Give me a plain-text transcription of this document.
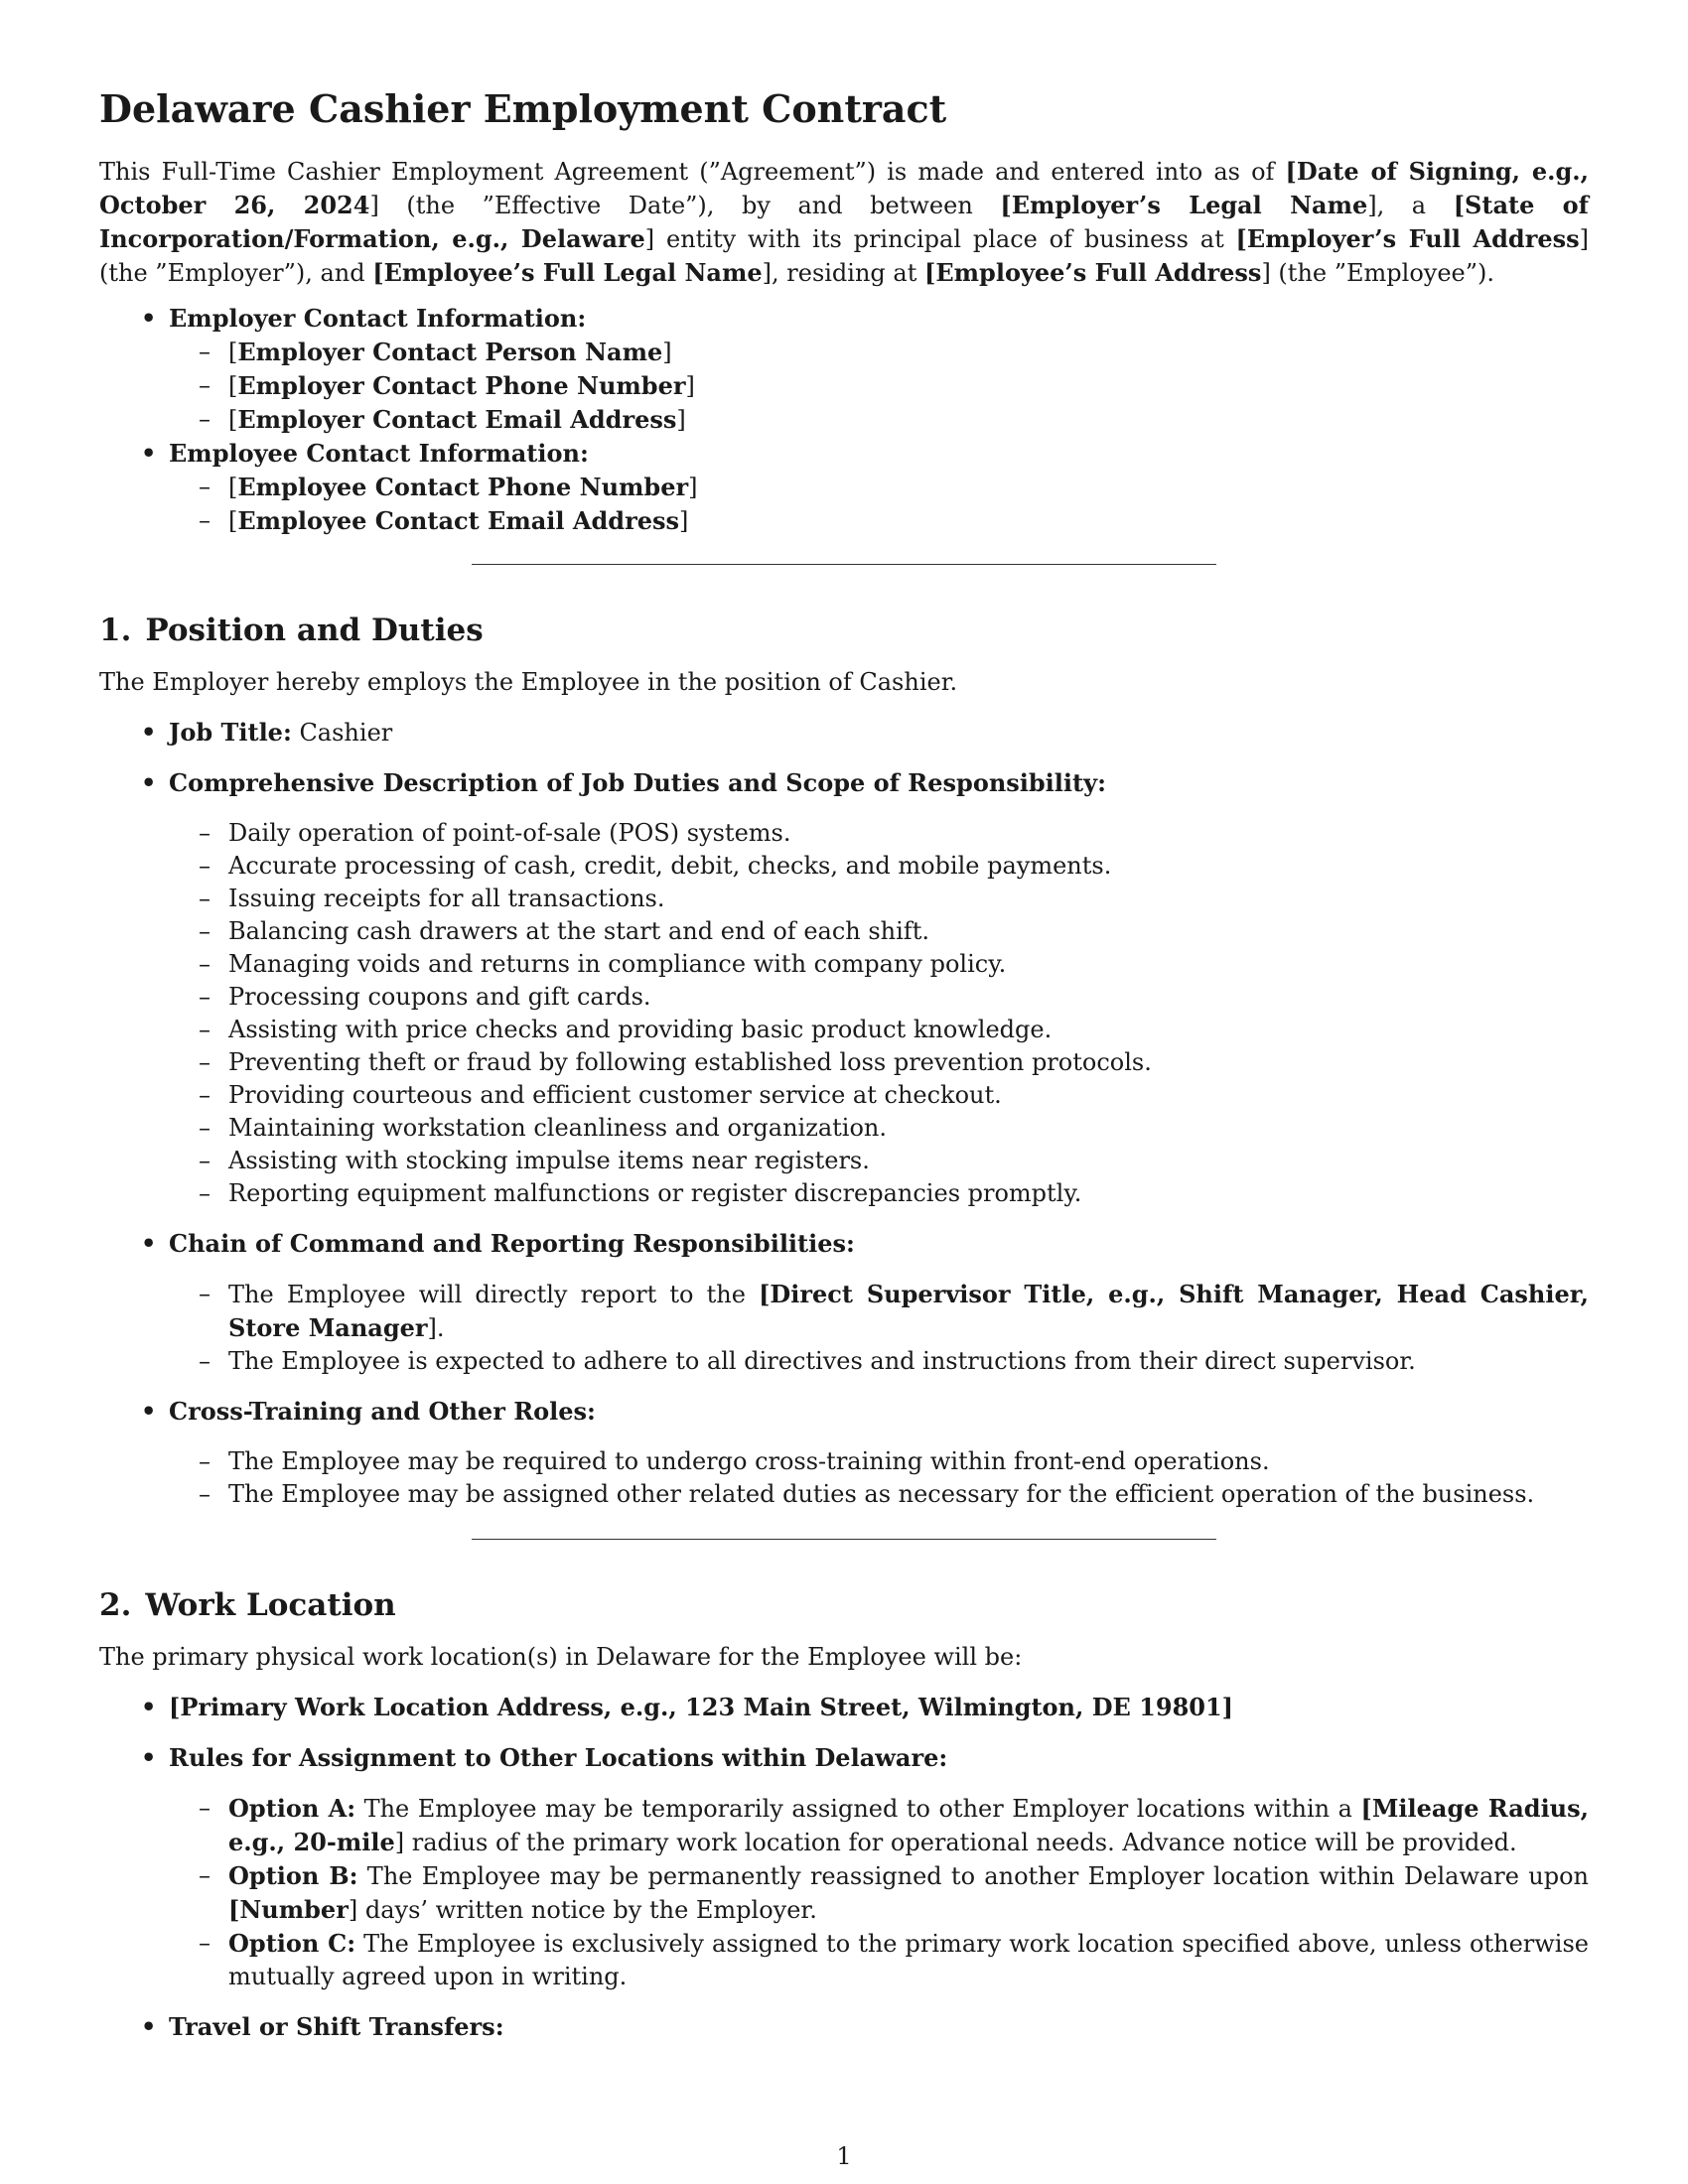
Delaware Cashier Employment Contract

This Full-Time Cashier Employment Agreement (”Agreement”) is made and entered into as of [Date of Signing, e.g., October 26, 2024] (the ”Effective Date”), by and between [Employer’s Legal Name], a [State of Incorporation/Formation, e.g., Delaware] entity with its principal place of business at [Employer’s Full Address] (the ”Employer”), and [Employee’s Full Legal Name], residing at [Employee’s Full Address] (the ”Employee”).

• Employer Contact Information:
– [Employer Contact Person Name]
– [Employer Contact Phone Number]
– [Employer Contact Email Address]
• Employee Contact Information:
– [Employee Contact Phone Number]
– [Employee Contact Email Address]
1. Position and Duties

The Employer hereby employs the Employee in the position of Cashier.

• Job Title: Cashier
• Comprehensive Description of Job Duties and Scope of Responsibility:
– Daily operation of point-of-sale (POS) systems.
– Accurate processing of cash, credit, debit, checks, and mobile payments.
– Issuing receipts for all transactions.
– Balancing cash drawers at the start and end of each shift.
– Managing voids and returns in compliance with company policy.
– Processing coupons and gift cards.
– Assisting with price checks and providing basic product knowledge.
– Preventing theft or fraud by following established loss prevention protocols.
– Providing courteous and efficient customer service at checkout.
– Maintaining workstation cleanliness and organization.
– Assisting with stocking impulse items near registers.
– Reporting equipment malfunctions or register discrepancies promptly.
• Chain of Command and Reporting Responsibilities:
– The Employee will directly report to the [Direct Supervisor Title, e.g., Shift Manager, Head Cashier, Store Manager].
– The Employee is expected to adhere to all directives and instructions from their direct supervisor.
• Cross-Training and Other Roles:
– The Employee may be required to undergo cross-training within front-end operations.
– The Employee may be assigned other related duties as necessary for the efficient operation of the business.
2. Work Location

The primary physical work location(s) in Delaware for the Employee will be:

• [Primary Work Location Address, e.g., 123 Main Street, Wilmington, DE 19801]
• Rules for Assignment to Other Locations within Delaware:
– Option A: The Employee may be temporarily assigned to other Employer locations within a [Mileage Radius, e.g., 20-mile] radius of the primary work location for operational needs. Advance notice will be provided.
– Option B: The Employee may be permanently reassigned to another Employer location within Delaware upon [Number] days’ written notice by the Employer.
– Option C: The Employee is exclusively assigned to the primary work location specified above, unless otherwise mutually agreed upon in writing.
• Travel or Shift Transfers:
1
